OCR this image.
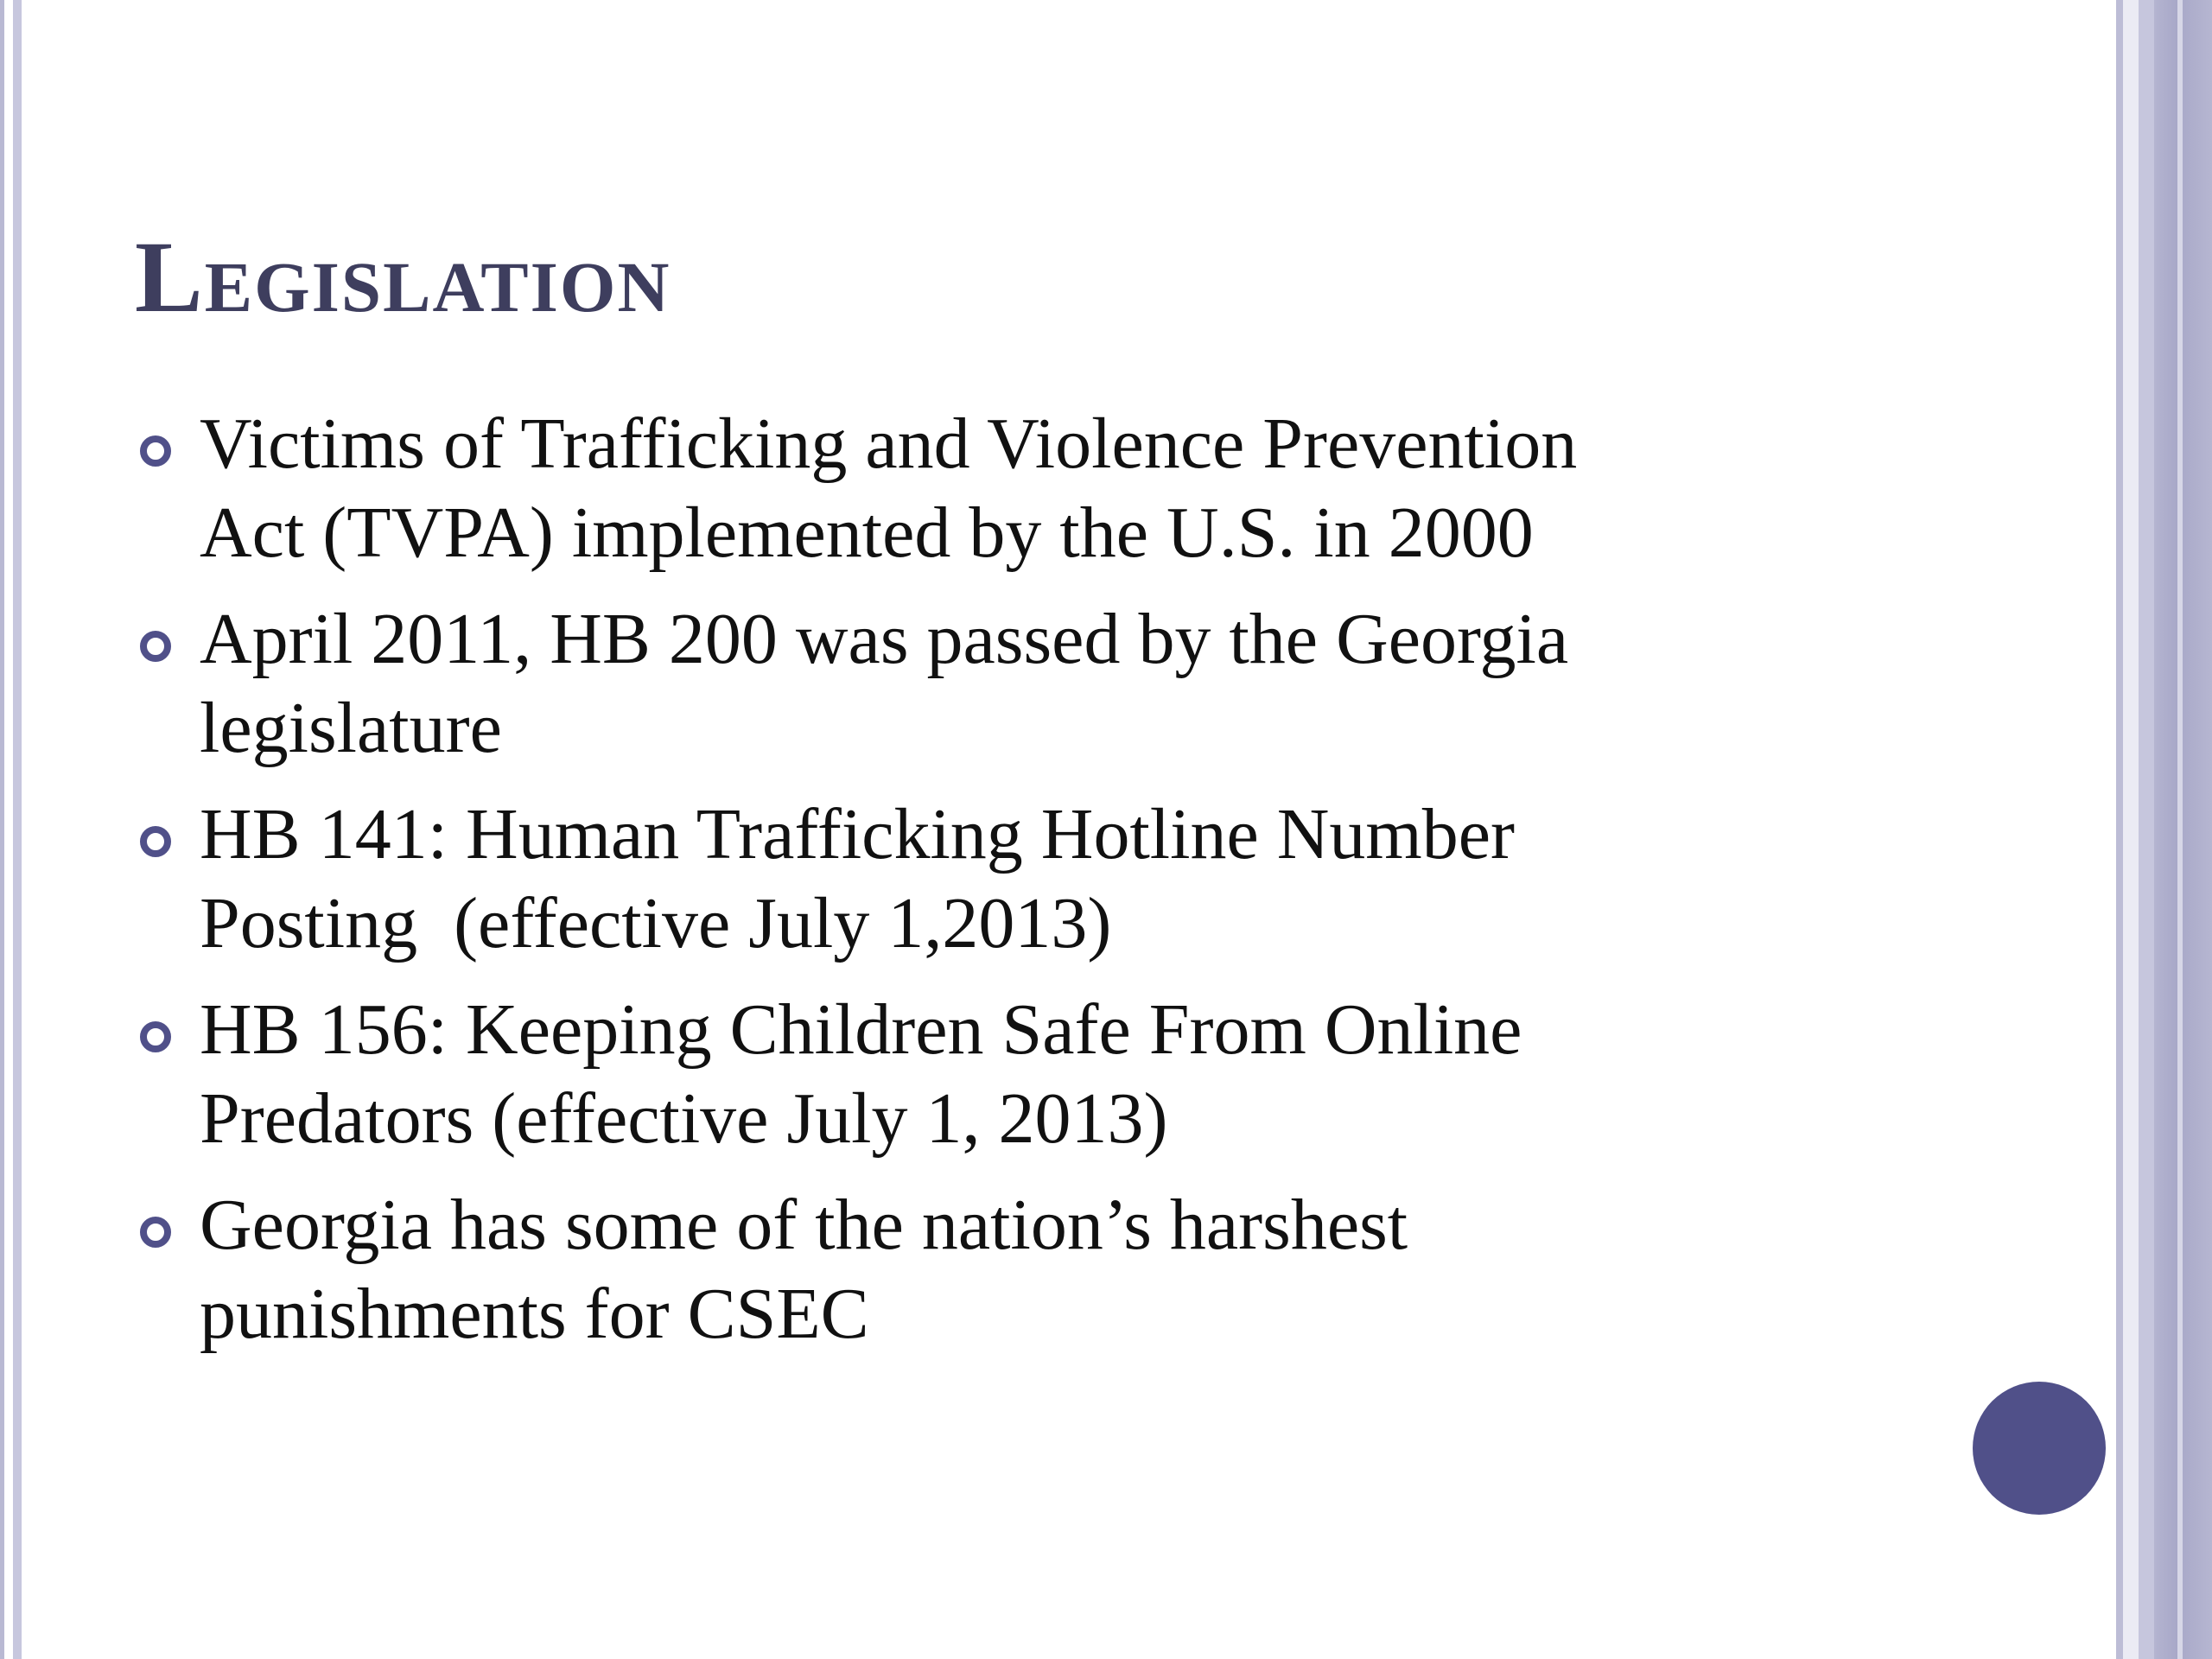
Legislation
Victims of Trafficking and Violence Prevention
Act (TVPA) implemented by the U.S. in 2000
April 2011, HB 200 was passed by the Georgia
legislature
HB 141: Human Trafficking Hotline Number
Posting  (effective July 1,2013)
HB 156: Keeping Children Safe From Online
Predators (effective July 1, 2013)
Georgia has some of the nation’s harshest
punishments for CSEC
